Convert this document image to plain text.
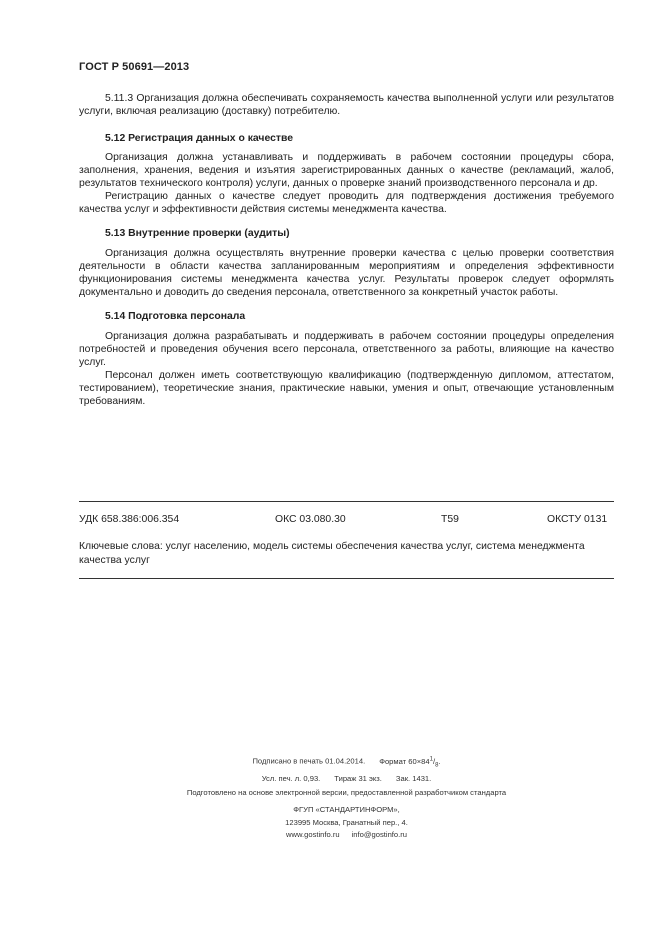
ГОСТ Р 50691—2013

5.11.3 Организация должна обеспечивать сохраняемость качества выполненной услуги или результатов услуги, включая реализацию (доставку) потребителю.

5.12 Регистрация данных о качестве

Организация должна устанавливать и поддерживать в рабочем состоянии процедуры сбора, заполнения, хранения, ведения и изъятия зарегистрированных данных о качестве (рекламаций, жалоб, результатов технического контроля) услуги, данных о проверке знаний производственного персонала и др.

Регистрацию данных о качестве следует проводить для подтверждения достижения требуемого качества услуг и эффективности действия системы менеджмента качества.

5.13 Внутренние проверки (аудиты)

Организация должна осуществлять внутренние проверки качества с целью проверки соответствия деятельности в области качества запланированным мероприятиям и определения эффективности функционирования системы менеджмента качества услуг. Результаты проверок следует оформлять документально и доводить до сведения персонала, ответственного за конкретный участок работы.

5.14 Подготовка персонала

Организация должна разрабатывать и поддерживать в рабочем состоянии процедуры определения потребностей и проведения обучения всего персонала, ответственного за работы, влияющие на качество услуг.

Персонал должен иметь соответствующую квалификацию (подтвержденную дипломом, аттестатом, тестированием), теоретические знания, практические навыки, умения и опыт, отвечающие установленным требованиям.

УДК 658.386:006.354	ОКС 03.080.30	Т59	ОКСТУ 0131
Ключевые слова: услуг населению, модель системы обеспечения качества услуг, система менеджмента качества услуг
Подписано в печать 01.04.2014. Формат $60\times 84^1/_8$.
Усл. печ. л. 0,93. Тираж 31 экз. Зак. 1431.
Подготовлено на основе электронной версии, предоставленной разработчиком стандарта
ФГУП «СТАНДАРТИНФОРМ»,
123995 Москва, Гранатный пер., 4.
www.gostinfo.ru info@gostinfo.ru
